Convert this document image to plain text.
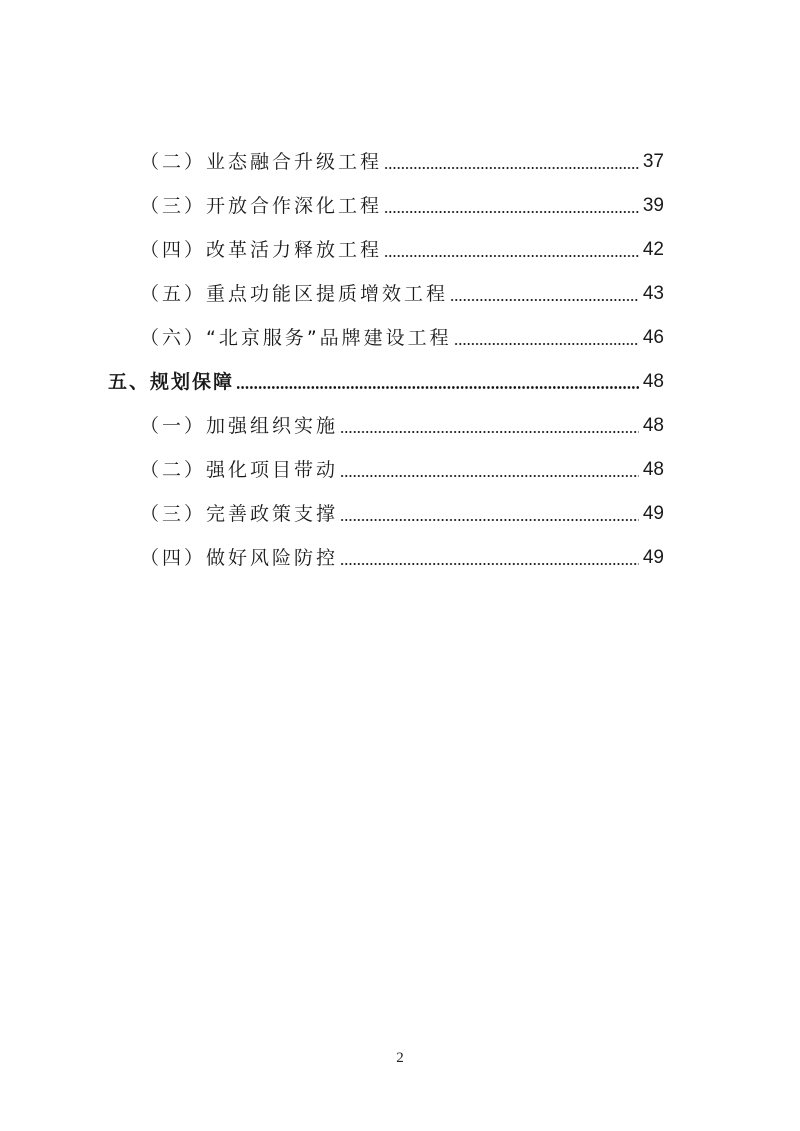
（二）业态融合升级工程	37
（三）开放合作深化工程	39
（四）改革活力释放工程	42
（五）重点功能区提质增效工程	43
（六）“北京服务”品牌建设工程	46
五、规划保障	48
（一）加强组织实施	48
（二）强化项目带动	48
（三）完善政策支撑	49
（四）做好风险防控	49
2
